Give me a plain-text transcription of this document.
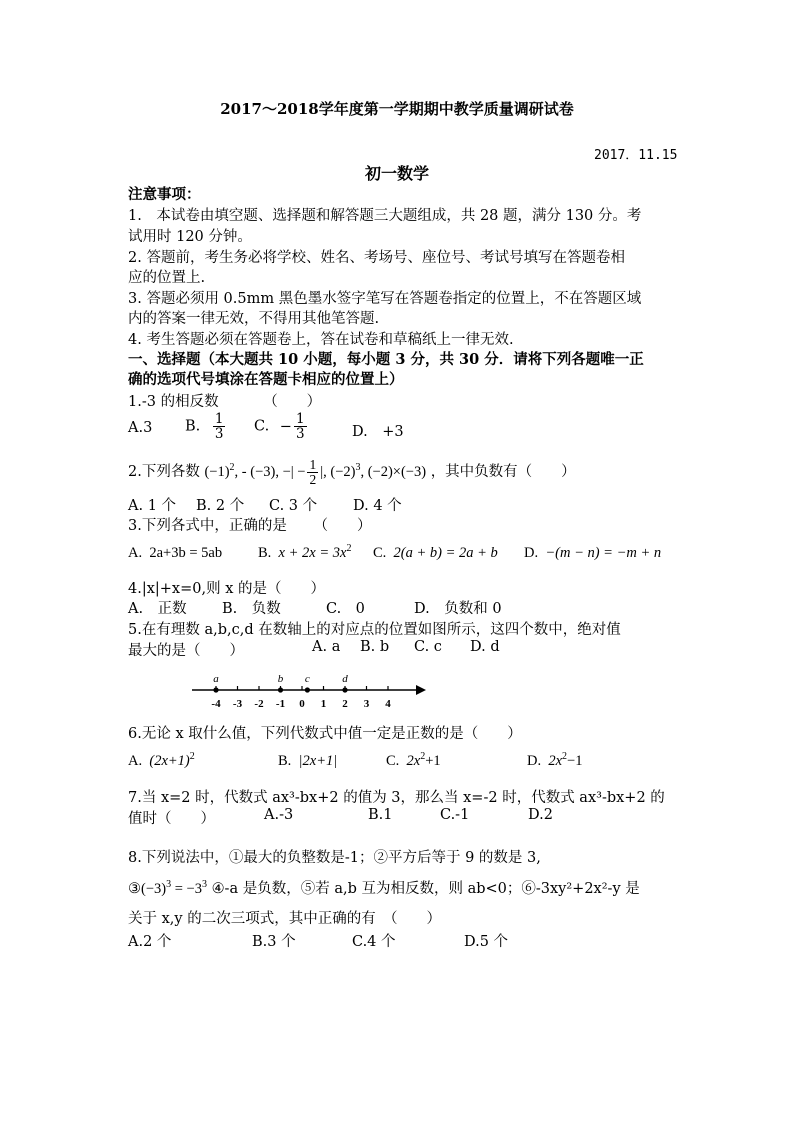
2017～2018学年度第一学期期中教学质量调研试卷
2017．11.15
初一数学
注意事项：
1.　本试卷由填空题、选择题和解答题三大题组成，共 28 题，满分 130 分。考
试用时 120 分钟。
2. 答题前，考生务必将学校、姓名、考场号、座位号、考试号填写在答题卷相
应的位置上.
3. 答题必须用 0.5mm 黑色墨水签字笔写在答题卷指定的位置上，不在答题区域
内的答案一律无效，不得用其他笔答题.
4. 考生答题必须在答题卷上，答在试卷和草稿纸上一律无效.
一、选择题（本大题共 10 小题，每小题 3 分，共 30 分．请将下列各题唯一正
确的选项代号填涂在答题卡相应的位置上）
1.-3 的相反数	（　　）
A.3 B. $\frac{1}{3} C$. − $\frac{1}{3}$	D.　+3
2.下列各数 $(-1)^2$, - (−3), −| − $\frac{1}{2}$ |, $(-2)^3$, (−2)×(−3) ，其中负数有（　　）
A. 1 个 B. 2 个 C. 3 个 D. 4 个
3.下列各式中，正确的是 （　　）
A. 2a+3b = 5ab B. $x + 2x = 3x^2$ C. 2(a + b) = 2a + b D. −(m − n) = −m + n
4.|x|+x=0,则 x 的是（　　）
A.　正数 B.　负数	C.　0	D.　负数和 0
5.在有理数 a,b,c,d 在数轴上的对应点的位置如图所示，这四个数中，绝对值
最大的是（　　）	A. a B. b C. c D. d
-4 -3 -2 -1 0 1 2 3 4
a	b c	d
6.无论 x 取什么值，下列代数式中值一定是正数的是（　　）
A. $(2x+1)^2$	B. |2x+1|	C. $2x^2+1$	D. $2x^2-1$
7.当 x=2 时，代数式 ax³-bx+2 的值为 3，那么当 x=-2 时，代数式 ax³-bx+2 的
值时（　　）	A.-3	B.1	C.-1	D.2
8.下列说法中，①最大的负整数是-1；②平方后等于 9 的数是 3,
$③(-3)^3 = -3^3$ ④-a 是负数，⑤若 a,b 互为相反数，则 ab<0；⑥-3xy²+2x²-y 是
关于 x,y 的二次三项式，其中正确的有　（　　）
A.2 个	B.3 个	C.4 个	D.5 个
